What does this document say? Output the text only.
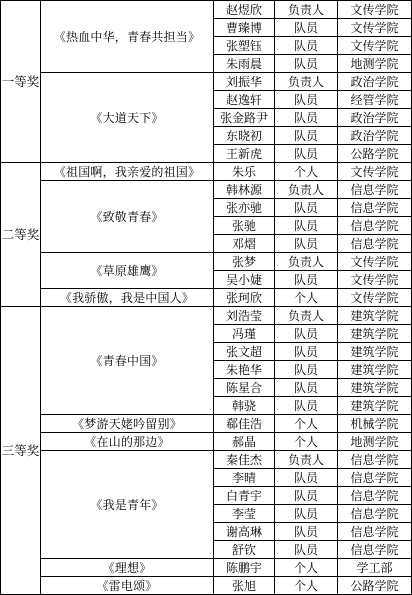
一等奖	《热血中华，青春共担当》	赵煜欣	负责人	文传学院
		曹臻博	队员	文传学院
		张塑钰	队员	文传学院
		朱雨晨	队员	地测学院
	《大道天下》	刘振华	负责人	政治学院
		赵逸轩	队员	经管学院
		张金路尹	队员	政治学院
		东晓初	队员	政治学院
		王新虎	队员	公路学院
二等奖	《祖国啊，我亲爱的祖国》	朱乐	个人	文传学院
	《致敬青春》	韩林源	负责人	信息学院
		张亦驰	队员	信息学院
		张驰	队员	信息学院
		邓熠	队员	信息学院
	《草原雄鹰》	张梦	负责人	文传学院
		吴小婕	队员	文传学院
	《我骄傲，我是中国人》	张珂欣	个人	文传学院
三等奖	《青春中国》	刘浩莹	负责人	建筑学院
		冯瑾	队员	建筑学院
		张文超	队员	建筑学院
		朱艳华	队员	建筑学院
		陈星合	队员	建筑学院
		韩骁	队员	建筑学院
	《梦游天姥吟留别》	郗佳浩	个人	机械学院
	《在山的那边》	郝晶	个人	地测学院
	《我是青年》	秦佳杰	负责人	信息学院
		李晴	队员	信息学院
		白青宇	队员	信息学院
		李莹	队员	信息学院
		谢高琳	队员	信息学院
		舒钦	队员	信息学院
	《理想》	陈鹏宇	个人	学工部
	《雷电颂》	张旭	个人	公路学院
